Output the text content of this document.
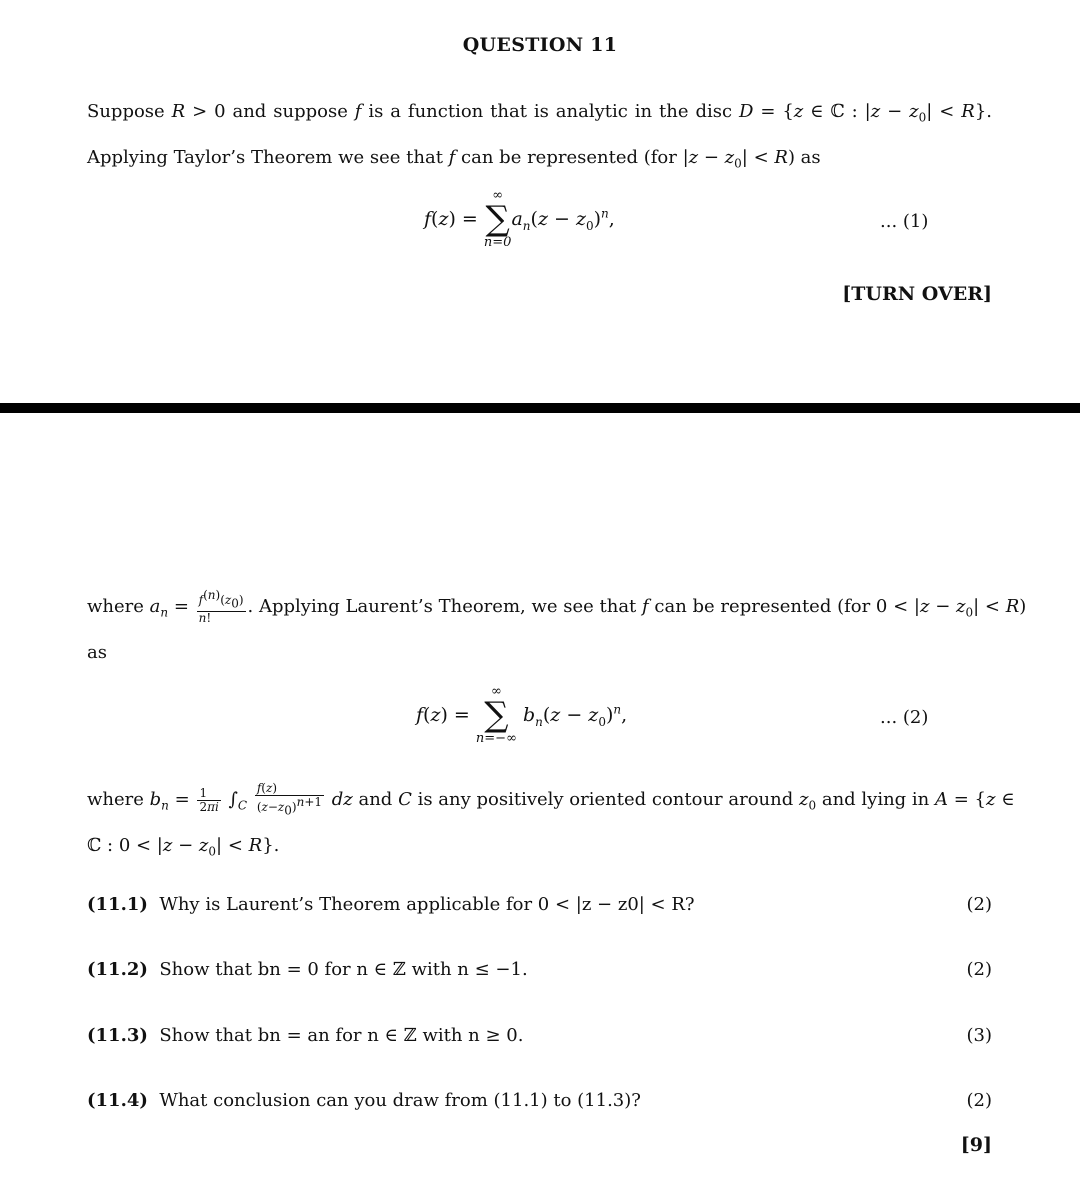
QUESTION 11
Suppose R > 0 and suppose f is a function that is analytic in the disc D = {z ∈ ℂ : $|z - z_0| < R$}.
Applying Taylor’s Theorem we see that f can be represented (for $|z - z_0| < R$) as
f(z) =
∞
∑
n=0
$a_n(z - z_0)^n$,	... (1)
[TURN OVER]
where $a_n = \frac{f^{(n)}(z_0)}{n!}$ . Applying Laurent’s Theorem, we see that f can be represented (for $0 < |z - z_0| < R$)
as
f(z) =
∞
∑
n=−∞
$b_n(z - z_0)^n$,	... (2)
where $b_n = \frac{1}{2\pi i} \int_C \frac{f(z)}{(z-z_0)^{n+1}}$ dz and C is any positively oriented contour around $z_0$ and lying in A = {z ∈
ℂ : $0 < |z - z_0| < R$}.
(11.1) Why is Laurent’s Theorem applicable for 0 < |z − z0| < R?	(2)
(11.2) Show that bn = 0 for n ∈ ℤ with n ≤ −1.	(2)
(11.3) Show that bn = an for n ∈ ℤ with n ≥ 0.	(3)
(11.4) What conclusion can you draw from (11.1) to (11.3)?	(2)
[9]
